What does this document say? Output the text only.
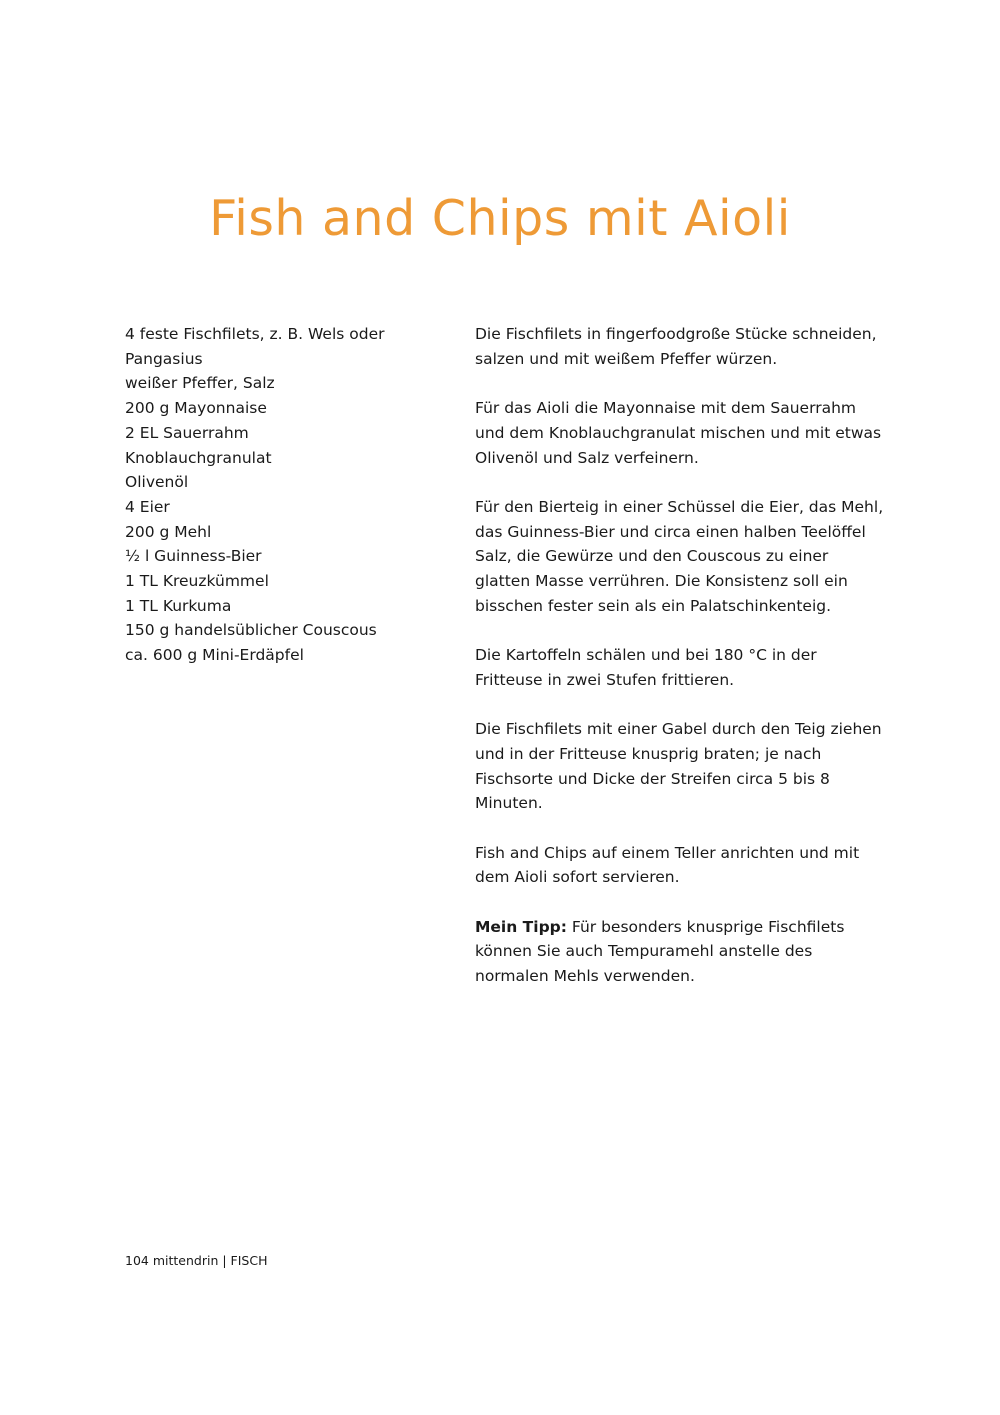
Fish and Chips mit Aioli
4 feste Fischfilets, z. B. Wels oder Pangasius
weißer Pfeffer, Salz
200 g Mayonnaise
2 EL Sauerrahm
Knoblauchgranulat
Olivenöl
4 Eier
200 g Mehl
½ l Guinness-Bier
1 TL Kreuzkümmel
1 TL Kurkuma
150 g handelsüblicher Couscous
ca. 600 g Mini-Erdäpfel

Die Fischfilets in fingerfoodgroße Stücke schneiden, salzen und mit weißem Pfeffer würzen.

Für das Aioli die Mayonnaise mit dem Sauerrahm und dem Knoblauchgranulat mischen und mit etwas Olivenöl und Salz verfeinern.

Für den Bierteig in einer Schüssel die Eier, das Mehl, das Guinness-Bier und circa einen halben Teelöffel Salz, die Gewürze und den Couscous zu einer glatten Masse verrühren. Die Konsistenz soll ein bisschen fester sein als ein Palatschinkenteig.

Die Kartoffeln schälen und bei 180 °C in der Fritteuse in zwei Stufen frittieren.

Die Fischfilets mit einer Gabel durch den Teig ziehen und in der Fritteuse knusprig braten; je nach Fischsorte und Dicke der Streifen circa 5 bis 8 Minuten.

Fish and Chips auf einem Teller anrichten und mit dem Aioli sofort servieren.

Mein Tipp: Für besonders knusprige Fischfilets können Sie auch Tempuramehl anstelle des normalen Mehls verwenden.

104 mittendrin | FISCH
